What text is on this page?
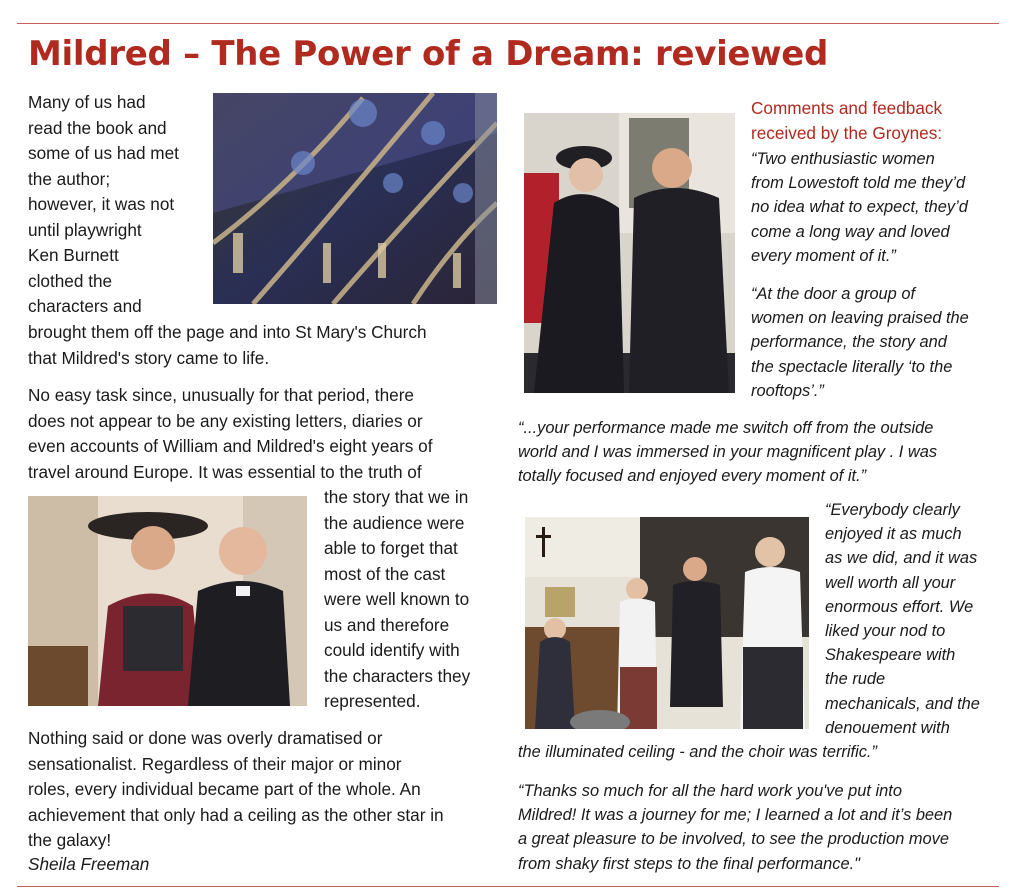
Mildred – The Power of a Dream: reviewed
Many of us had
read the book and
some of us had met
the author;
however, it was not
until playwright
Ken Burnett
clothed the
characters and
brought them off the page and into St Mary's Church
that Mildred's story came to life.
No easy task since, unusually for that period, there
does not appear to be any existing letters, diaries or
even accounts of William and Mildred's eight years of
travel around Europe. It was essential to the truth of
the story that we in
the audience were
able to forget that
most of the cast
were well known to
us and therefore
could identify with
the characters they
represented.
Nothing said or done was overly dramatised or
sensationalist. Regardless of their major or minor
roles, every individual became part of the whole. An
achievement that only had a ceiling as the other star in
the galaxy!
Sheila Freeman
Comments and feedback
received by the Groynes:
“Two enthusiastic women
from Lowestoft told me they’d
no idea what to expect, they’d
come a long way and loved
every moment of it.”
“At the door a group of
women on leaving praised the
performance, the story and
the spectacle literally ‘to the
rooftops’.”
“...your performance made me switch off from the outside
world and I was immersed in your magnificent play . I was
totally focused and enjoyed every moment of it.”
“Everybody clearly
enjoyed it as much
as we did, and it was
well worth all your
enormous effort. We
liked your nod to
Shakespeare with
the rude
mechanicals, and the
denouement with
the illuminated ceiling - and the choir was terrific.”
“Thanks so much for all the hard work you've put into
Mildred! It was a journey for me; I learned a lot and it’s been
a great pleasure to be involved, to see the production move
from shaky first steps to the final performance."
